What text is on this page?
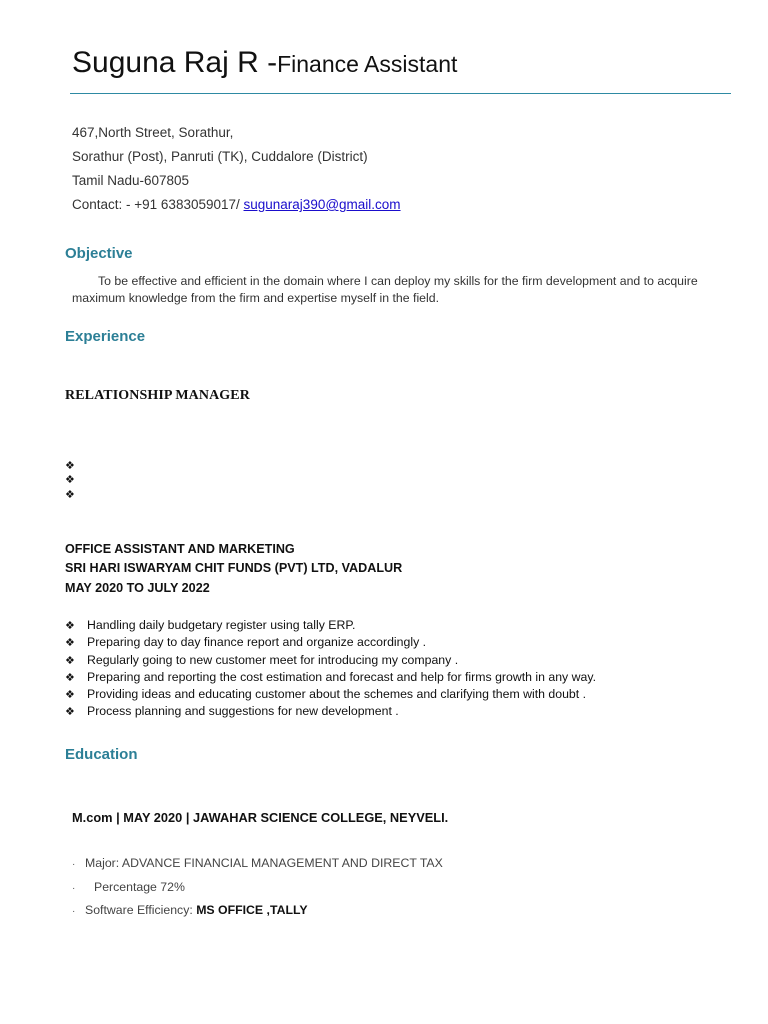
Suguna Raj R -Finance Assistant
467,North Street, Sorathur,
Sorathur (Post), Panruti (TK), Cuddalore (District)
Tamil Nadu-607805
Contact: - +91 6383059017/ sugunaraj390@gmail.com
Objective
To be effective and efficient in the domain where I can deploy my skills for the firm development and to acquire maximum knowledge from the firm and expertise myself in the field.
Experience
RELATIONSHIP MANAGER
❖
❖
❖
OFFICE ASSISTANT AND MARKETING
SRI HARI ISWARYAM CHIT FUNDS (PVT) LTD, VADALUR
MAY 2020 TO JULY 2022
❖ Handling daily budgetary register using tally ERP.
❖ Preparing day to day finance report and organize accordingly .
❖ Regularly going to new customer meet for introducing my company .
❖ Preparing and reporting the cost estimation and forecast and help for firms growth in any way.
❖ Providing ideas and educating customer about the schemes and clarifying them with doubt .
❖ Process planning and suggestions for new development .
Education
M.com | MAY 2020 | JAWAHAR SCIENCE COLLEGE, NEYVELI.
· Major: ADVANCE FINANCIAL MANAGEMENT AND DIRECT TAX
· Percentage 72%
· Software Efficiency: MS OFFICE ,TALLY
